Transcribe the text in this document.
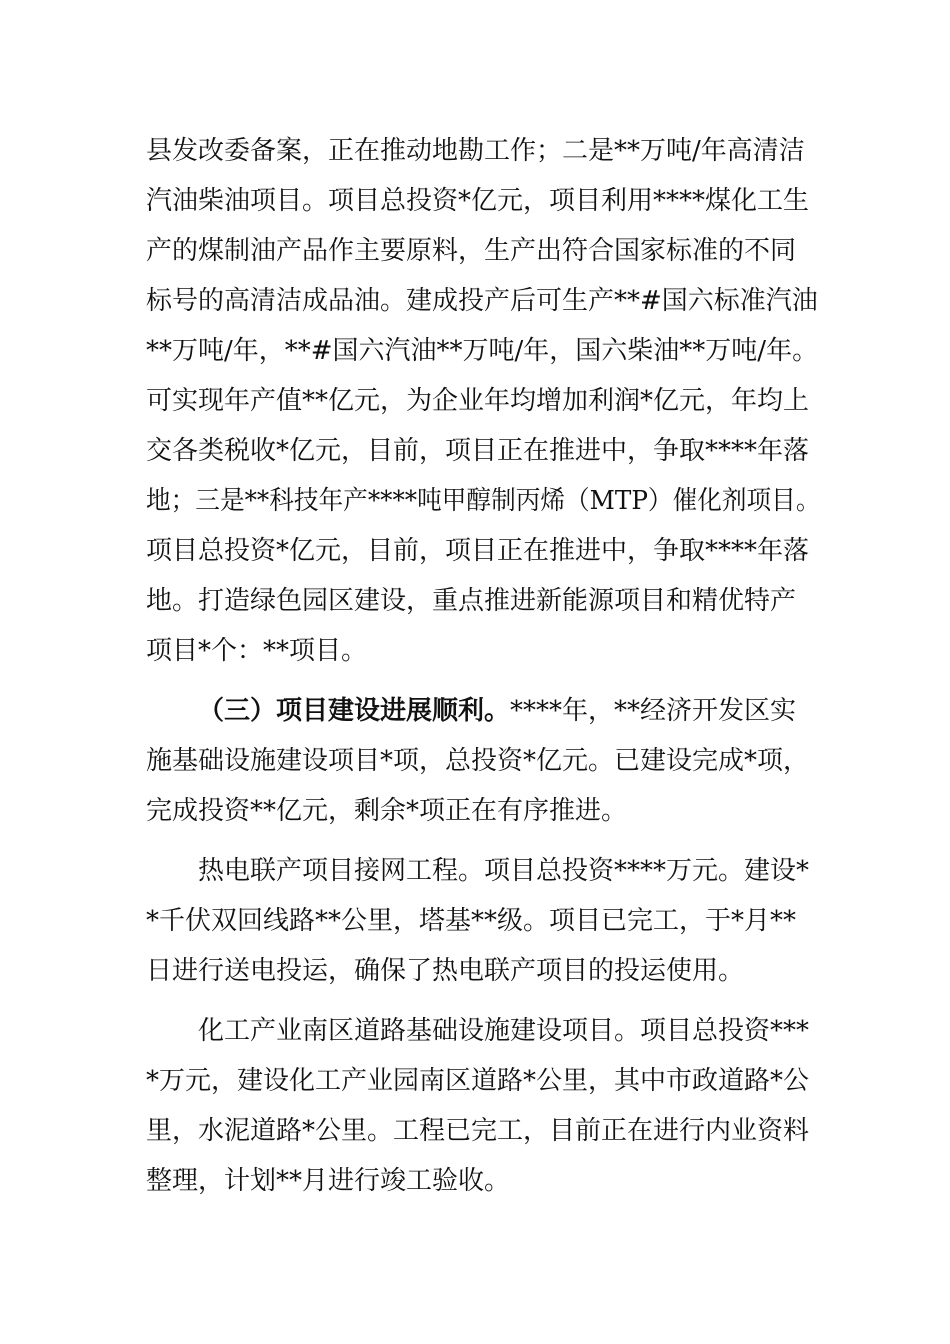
县发改委备案，正在推动地勘工作；二是**万吨/年高清洁
汽油柴油项目。项目总投资*亿元，项目利用****煤化工生
产的煤制油产品作主要原料，生产出符合国家标准的不同
标号的高清洁成品油。建成投产后可生产**#国六标准汽油
**万吨/年，**#国六汽油**万吨/年，国六柴油**万吨/年。
可实现年产值**亿元，为企业年均增加利润*亿元，年均上
交各类税收*亿元，目前，项目正在推进中，争取****年落
地；三是**科技年产****吨甲醇制丙烯（MTP）催化剂项目。
项目总投资*亿元，目前，项目正在推进中，争取****年落
地。打造绿色园区建设，重点推进新能源项目和精优特产
项目*个：**项目。
（三）项目建设进展顺利。****年，**经济开发区实
施基础设施建设项目*项，总投资*亿元。已建设完成*项，
完成投资**亿元，剩余*项正在有序推进。
热电联产项目接网工程。项目总投资****万元。建设*
*千伏双回线路**公里，塔基**级。项目已完工，于*月**
日进行送电投运，确保了热电联产项目的投运使用。
化工产业南区道路基础设施建设项目。项目总投资***
*万元，建设化工产业园南区道路*公里，其中市政道路*公
里，水泥道路*公里。工程已完工，目前正在进行内业资料
整理，计划**月进行竣工验收。
